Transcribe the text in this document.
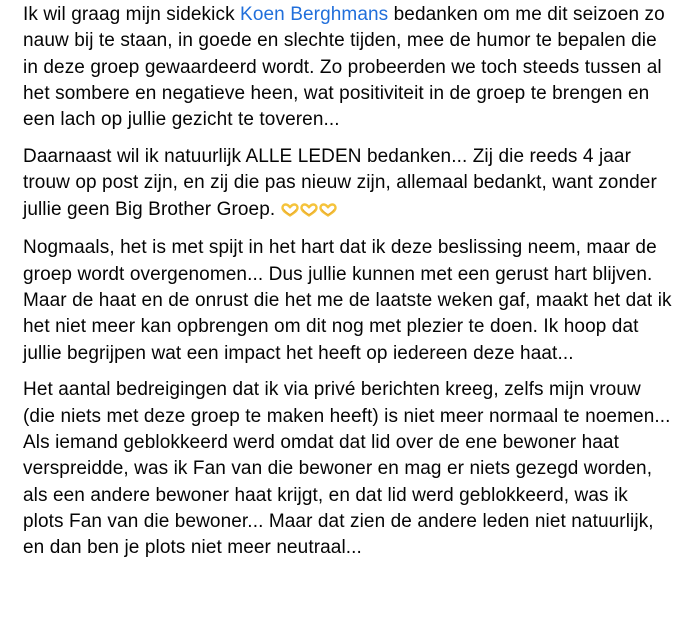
Ik wil graag mijn sidekick Koen Berghmans bedanken om me dit seizoen zo nauw bij te staan, in goede en slechte tijden, mee de humor te bepalen die in deze groep gewaardeerd wordt. Zo probeerden we toch steeds tussen al het sombere en negatieve heen, wat positiviteit in de groep te brengen en een lach op jullie gezicht te toveren...

Daarnaast wil ik natuurlijk ALLE LEDEN bedanken... Zij die reeds 4 jaar trouw op post zijn, en zij die pas nieuw zijn, allemaal bedankt, want zonder jullie geen Big Brother Groep.

Nogmaals, het is met spijt in het hart dat ik deze beslissing neem, maar de groep wordt overgenomen... Dus jullie kunnen met een gerust hart blijven. Maar de haat en de onrust die het me de laatste weken gaf, maakt het dat ik het niet meer kan opbrengen om dit nog met plezier te doen. Ik hoop dat jullie begrijpen wat een impact het heeft op iedereen deze haat...

Het aantal bedreigingen dat ik via privé berichten kreeg, zelfs mijn vrouw (die niets met deze groep te maken heeft) is niet meer normaal te noemen... Als iemand geblokkeerd werd omdat dat lid over de ene bewoner haat verspreidde, was ik Fan van die bewoner en mag er niets gezegd worden, als een andere bewoner haat krijgt, en dat lid werd geblokkeerd, was ik plots Fan van die bewoner... Maar dat zien de andere leden niet natuurlijk, en dan ben je plots niet meer neutraal...
